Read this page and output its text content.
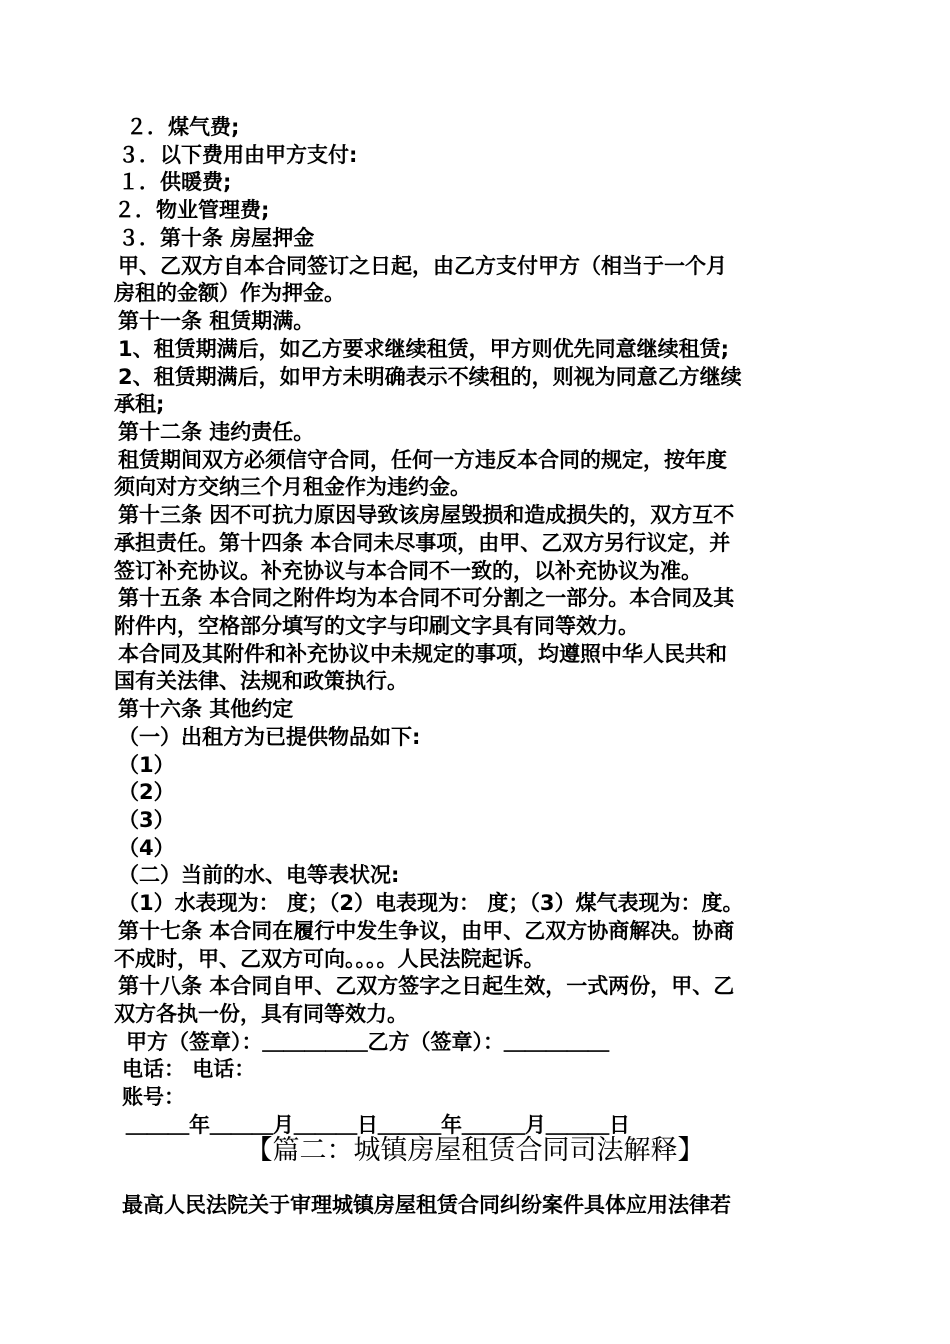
２．煤气费;
３．以下费用由甲方支付:
１．供暖费;
２．物业管理费;
３．第十条 房屋押金
甲、乙双方自本合同签订之日起，由乙方支付甲方（相当于一个月
房租的金额）作为押金。
第十一条 租赁期满。
1、租赁期满后，如乙方要求继续租赁，甲方则优先同意继续租赁;
2、租赁期满后，如甲方未明确表示不续租的，则视为同意乙方继续
承租;
第十二条 违约责任。
租赁期间双方必须信守合同，任何一方违反本合同的规定，按年度
须向对方交纳三个月租金作为违约金。
第十三条 因不可抗力原因导致该房屋毁损和造成损失的，双方互不
承担责任。第十四条 本合同未尽事项，由甲、乙双方另行议定，并
签订补充协议。补充协议与本合同不一致的，以补充协议为准。
第十五条 本合同之附件均为本合同不可分割之一部分。本合同及其
附件内，空格部分填写的文字与印刷文字具有同等效力。
本合同及其附件和补充协议中未规定的事项，均遵照中华人民共和
国有关法律、法规和政策执行。
第十六条 其他约定
（一）出租方为已提供物品如下:
（1）
（2）
（3）
（4）
（二）当前的水、电等表状况:
（1）水表现为： 度；（2）电表现为： 度；（3）煤气表现为：度。
第十七条 本合同在履行中发生争议，由甲、乙双方协商解决。协商
不成时，甲、乙双方可向。。。。人民法院起诉。
第十八条 本合同自甲、乙双方签字之日起生效，一式两份，甲、乙
双方各执一份，具有同等效力。
甲方（签章）：＿＿＿＿＿乙方（签章）：＿＿＿＿＿
电话： 电话：
账号：
＿＿＿年＿＿＿月＿＿＿日＿＿＿年＿＿＿月＿＿＿日
【篇二：城镇房屋租赁合同司法解释】
最高人民法院关于审理城镇房屋租赁合同纠纷案件具体应用法律若
